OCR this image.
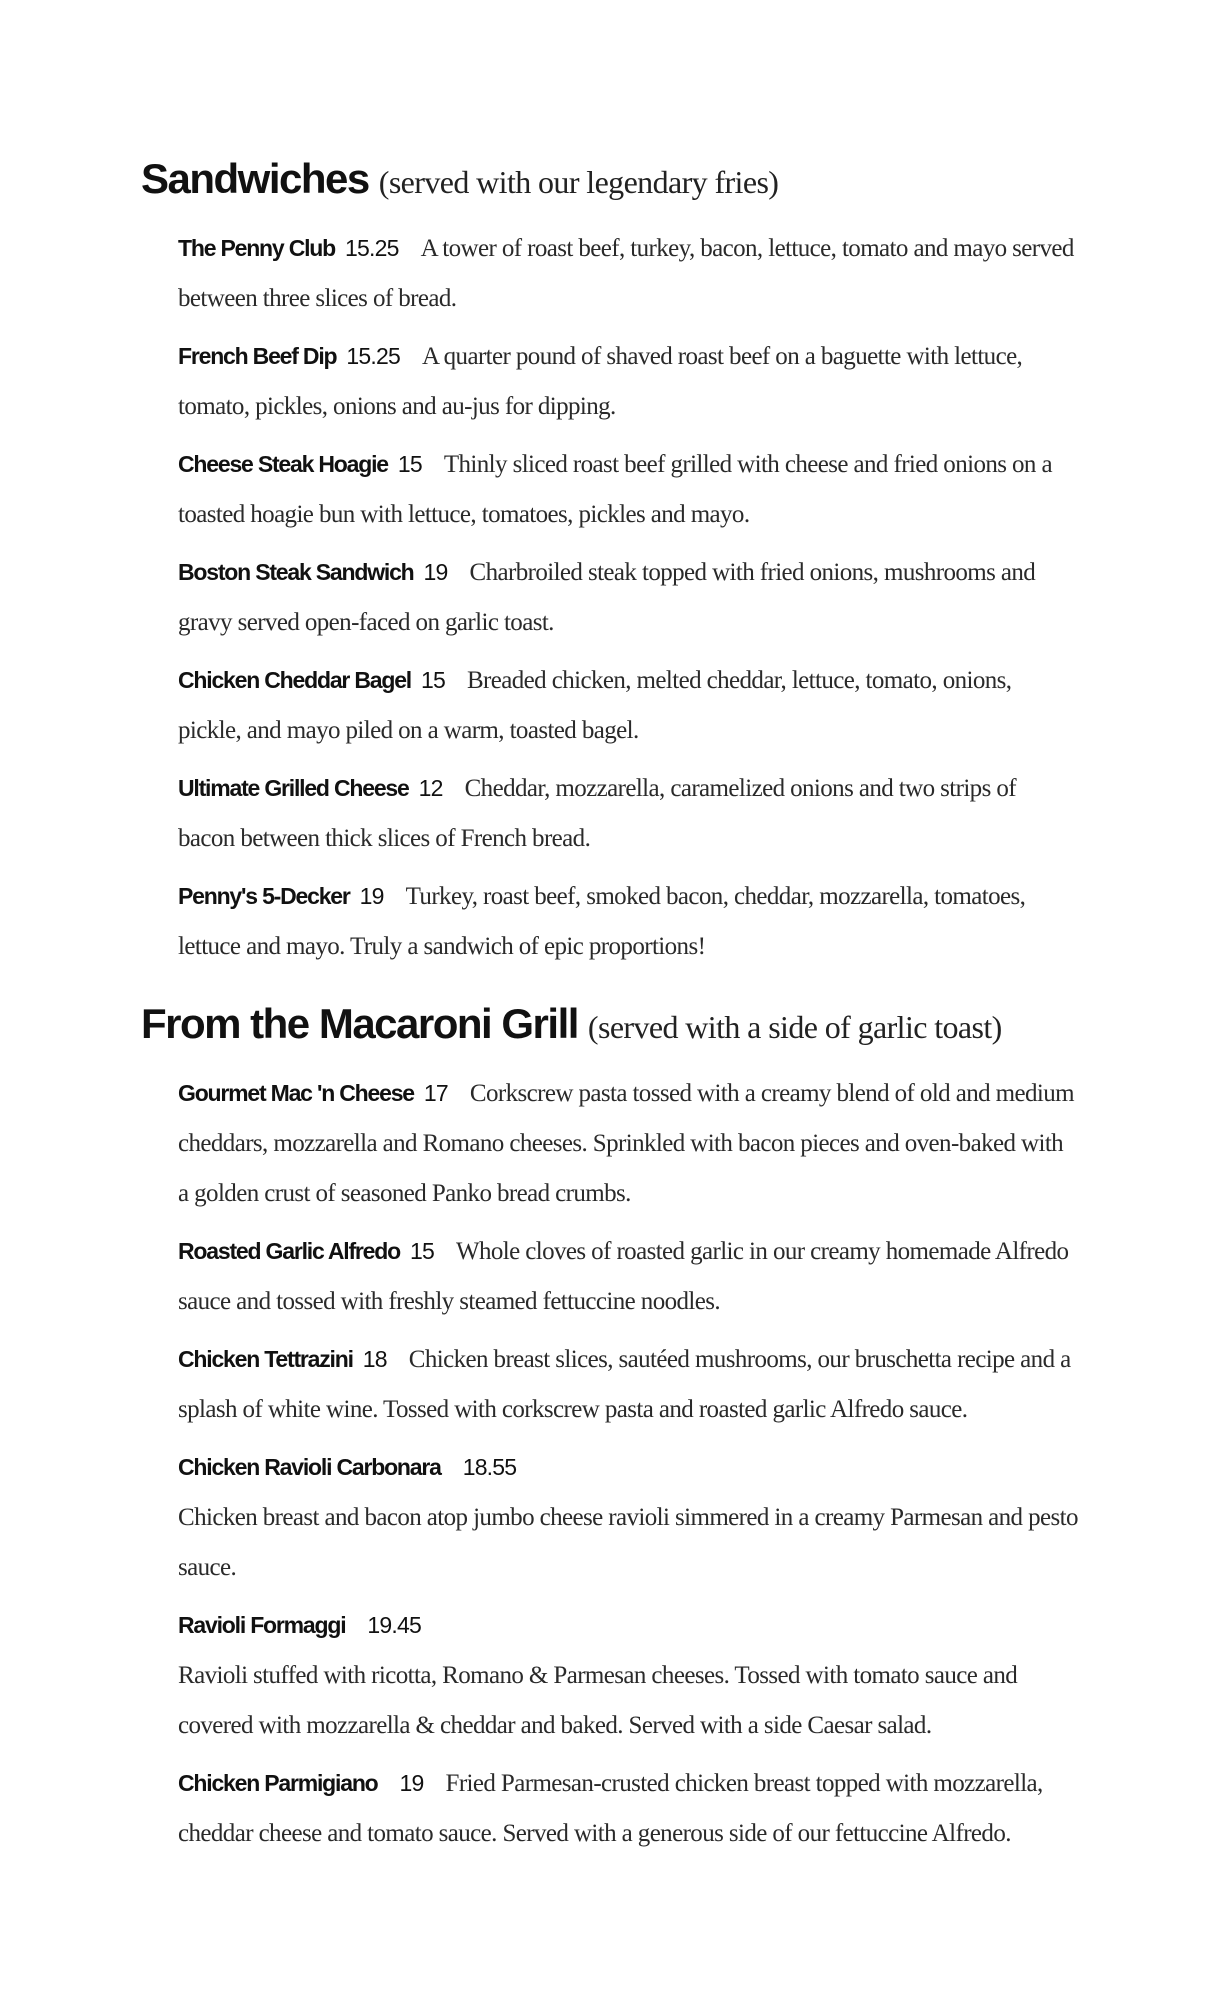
Sandwiches (served with our legendary fries)

The Penny Club 15.25 A tower of roast beef, turkey, bacon, lettuce, tomato and mayo served between three slices of bread.

French Beef Dip 15.25 A quarter pound of shaved roast beef on a baguette with lettuce, tomato, pickles, onions and au-jus for dipping.

Cheese Steak Hoagie 15 Thinly sliced roast beef grilled with cheese and fried onions on a toasted hoagie bun with lettuce, tomatoes, pickles and mayo.

Boston Steak Sandwich 19 Charbroiled steak topped with fried onions, mushrooms and gravy served open-faced on garlic toast.

Chicken Cheddar Bagel 15 Breaded chicken, melted cheddar, lettuce, tomato, onions, pickle, and mayo piled on a warm, toasted bagel.

Ultimate Grilled Cheese 12 Cheddar, mozzarella, caramelized onions and two strips of bacon between thick slices of French bread.

Penny's 5-Decker 19 Turkey, roast beef, smoked bacon, cheddar, mozzarella, tomatoes, lettuce and mayo. Truly a sandwich of epic proportions!

From the Macaroni Grill (served with a side of garlic toast)

Gourmet Mac 'n Cheese 17 Corkscrew pasta tossed with a creamy blend of old and medium cheddars, mozzarella and Romano cheeses. Sprinkled with bacon pieces and oven-baked with a golden crust of seasoned Panko bread crumbs.

Roasted Garlic Alfredo 15 Whole cloves of roasted garlic in our creamy homemade Alfredo sauce and tossed with freshly steamed fettuccine noodles.

Chicken Tettrazini 18 Chicken breast slices, sautéed mushrooms, our bruschetta recipe and a splash of white wine. Tossed with corkscrew pasta and roasted garlic Alfredo sauce.

Chicken Ravioli Carbonara 18.55
Chicken breast and bacon atop jumbo cheese ravioli simmered in a creamy Parmesan and pesto sauce.

Ravioli Formaggi 19.45
Ravioli stuffed with ricotta, Romano & Parmesan cheeses. Tossed with tomato sauce and covered with mozzarella & cheddar and baked. Served with a side Caesar salad.

Chicken Parmigiano 19 Fried Parmesan-crusted chicken breast topped with mozzarella, cheddar cheese and tomato sauce. Served with a generous side of our fettuccine Alfredo.
